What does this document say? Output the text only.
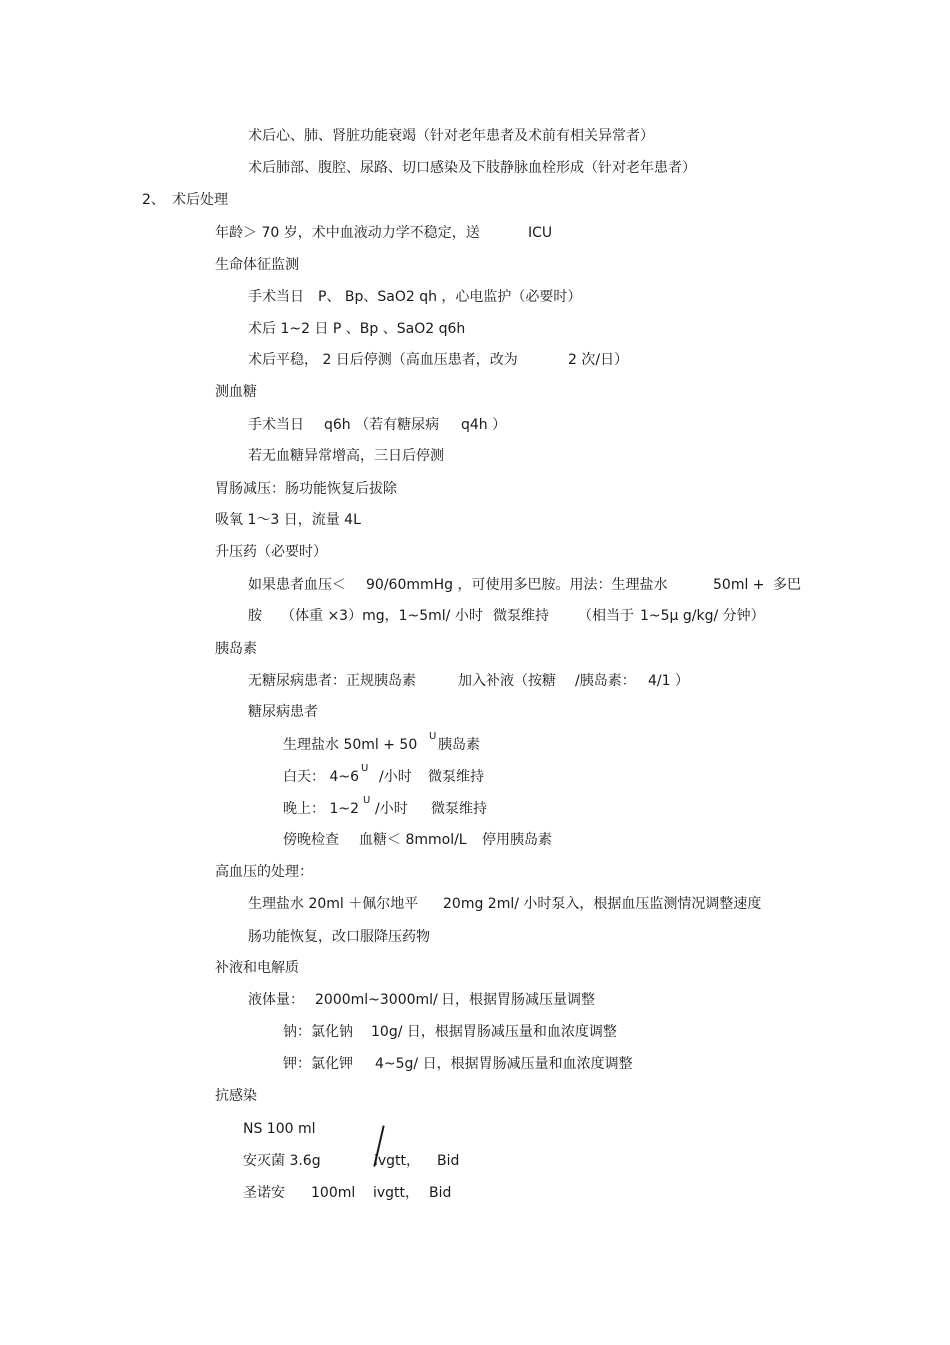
术后心、肺、肾脏功能衰竭（针对老年患者及术前有相关异常者）
术后肺部、腹腔、尿路、切口感染及下肢静脉血栓形成（针对老年患者）
2、 术后处理
年龄＞ 70 岁，术中血液动力学不稳定，送	ICU
生命体征监测
手术当日　P、 Bp、SaO2 qh ，心电监护（必要时）
术后 1~2 日 P 、Bp 、SaO2 q6h
术后平稳， 2 日后停测（高血压患者，改为	2 次/日）
测血糖
手术当日 q6h （若有糖尿病 q4h ）
若无血糖异常增高，三日后停测
胃肠减压：肠功能恢复后拔除
吸氧 1～3 日，流量 4L
升压药（必要时）
如果患者血压＜ 90/60mmHg ，可使用多巴胺。用法：生理盐水	50ml + 多巴
胺 （体重 ×3）mg，1~5ml/ 小时 微泵维持 （相当于 1~5μ g/kg/ 分钟）
胰岛素
无糖尿病患者：正规胰岛素	加入补液（按糖 /胰岛素： 4/1 ）
糖尿病患者
生理盐水 50ml + 50
U
胰岛素
白天： 4~6
U
/小时 微泵维持
晚上： 1~2
U
/小时 微泵维持
傍晚检查 血糖＜ 8mmol/L 停用胰岛素
高血压的处理：
生理盐水 20ml ＋佩尔地平 20mg 2ml/ 小时泵入，根据血压监测情况调整速度
肠功能恢复，改口服降压药物
补液和电解质
液体量： 2000ml~3000ml/ 日，根据胃肠减压量调整
钠：氯化钠 10g/ 日，根据胃肠减压量和血浓度调整
钾：氯化钾 4~5g/ 日，根据胃肠减压量和血浓度调整
抗感染
NS 100 ml
安灭菌 3.6g	ivgtt， Bid
圣诺安 100ml ivgtt， Bid
